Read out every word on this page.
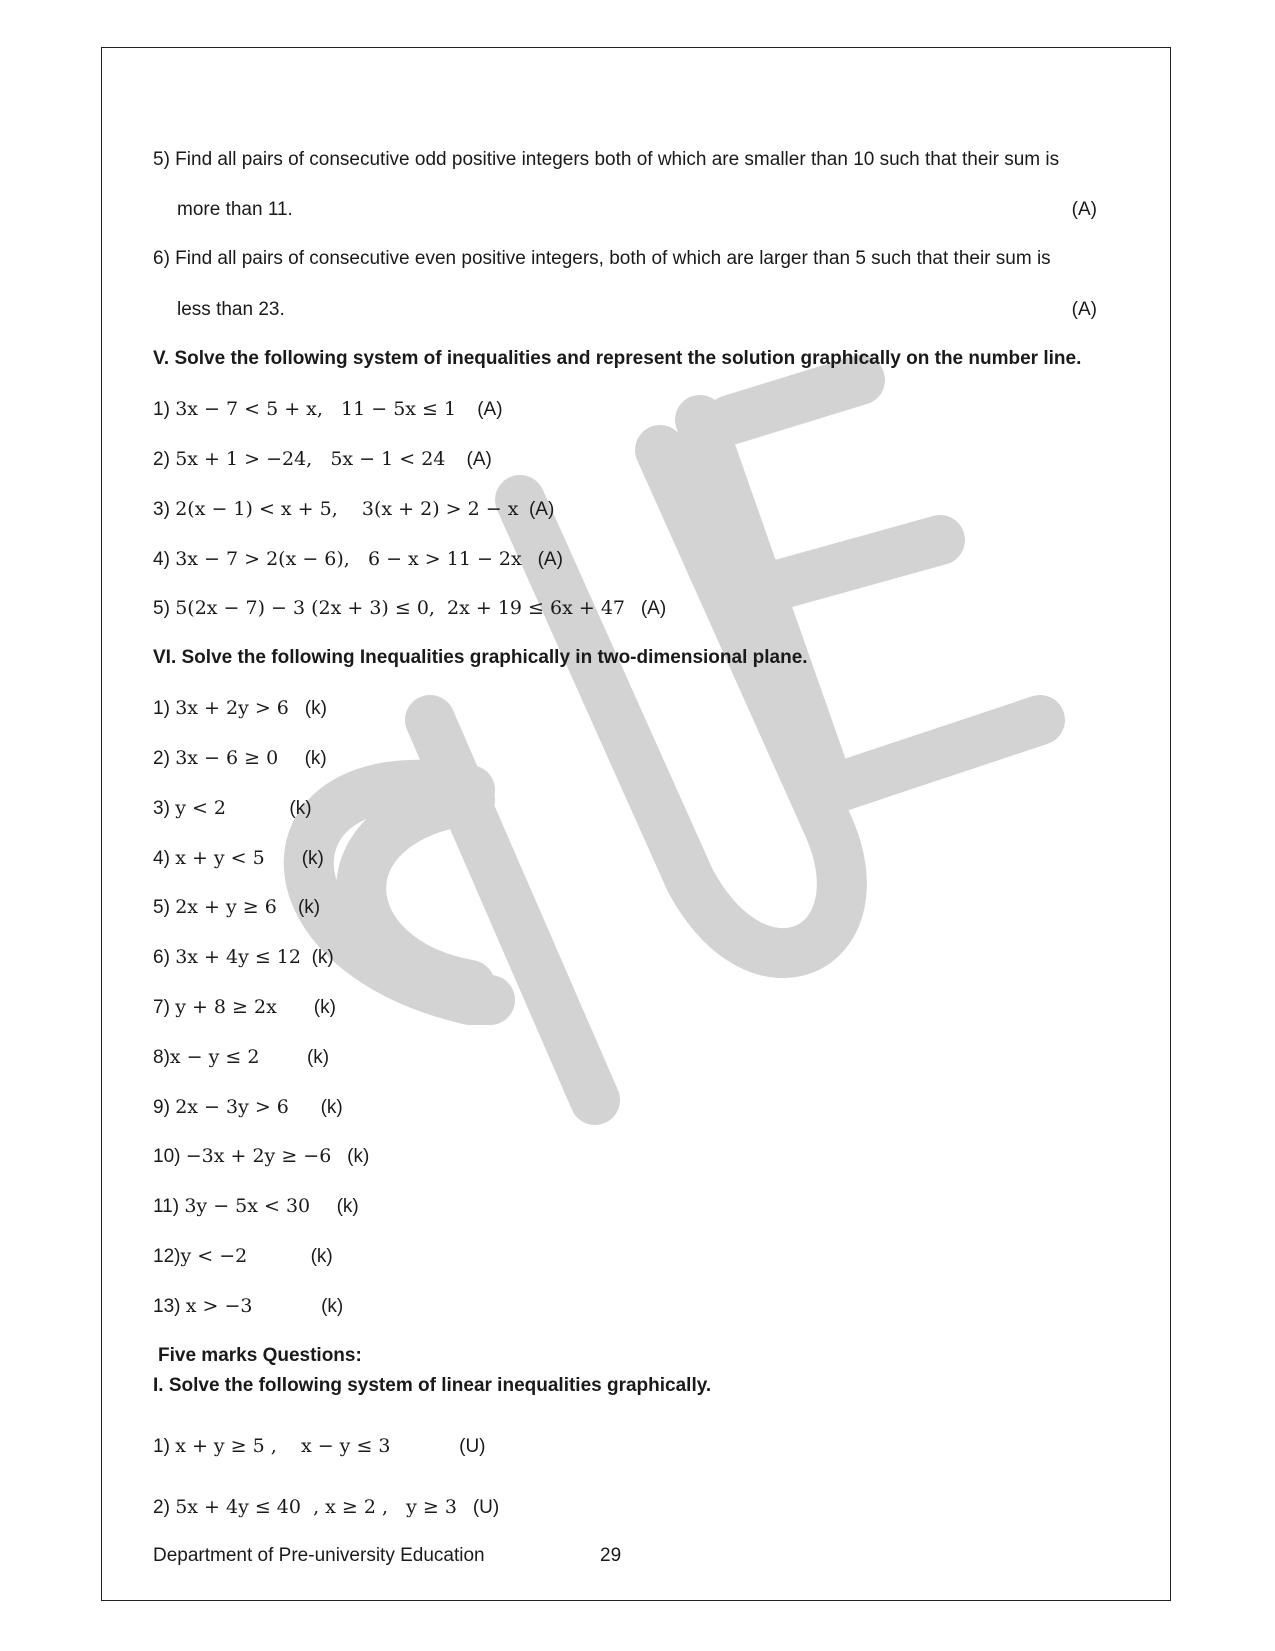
5) Find all pairs of consecutive odd positive integers both of which are smaller than 10 such that their sum is
more than 11.	(A)
6) Find all pairs of consecutive even positive integers, both of which are larger than 5 such that their sum is
less than 23.	(A)
V. Solve the following system of inequalities and represent the solution graphically on the number line.
1) 3x − 7 < 5 + x,   11 − 5x ≤ 1 (A)
2) 5x + 1 > −24,   5x − 1 < 24 (A)
3) 2(x − 1) < x + 5,    3(x + 2) > 2 − x (A)
4) 3x − 7 > 2(x − 6),   6 − x > 11 − 2x (A)
5) 5(2x − 7) − 3 (2x + 3) ≤ 0,  2x + 19 ≤ 6x + 47 (A)
VI. Solve the following Inequalities graphically in two-dimensional plane.
1) 3x + 2y > 6 (k)
2) 3x − 6 ≥ 0 (k)
3) y < 2	(k)
4) x + y < 5 (k)
5) 2x + y ≥ 6 (k)
6) 3x + 4y ≤ 12 (k)
7) y + 8 ≥ 2x (k)
8)x − y ≤ 2	(k)
9) 2x − 3y > 6 (k)
10) −3x + 2y ≥ −6 (k)
11) 3y − 5x < 30 (k)
12)y < −2	(k)
13) x > −3	(k)
Five marks Questions:
I. Solve the following system of linear inequalities graphically.
1) x + y ≥ 5 ,    x − y ≤ 3	(U)
2) 5x + 4y ≤ 40  , x ≥ 2 ,   y ≥ 3 (U)
Department of Pre-university Education	29
